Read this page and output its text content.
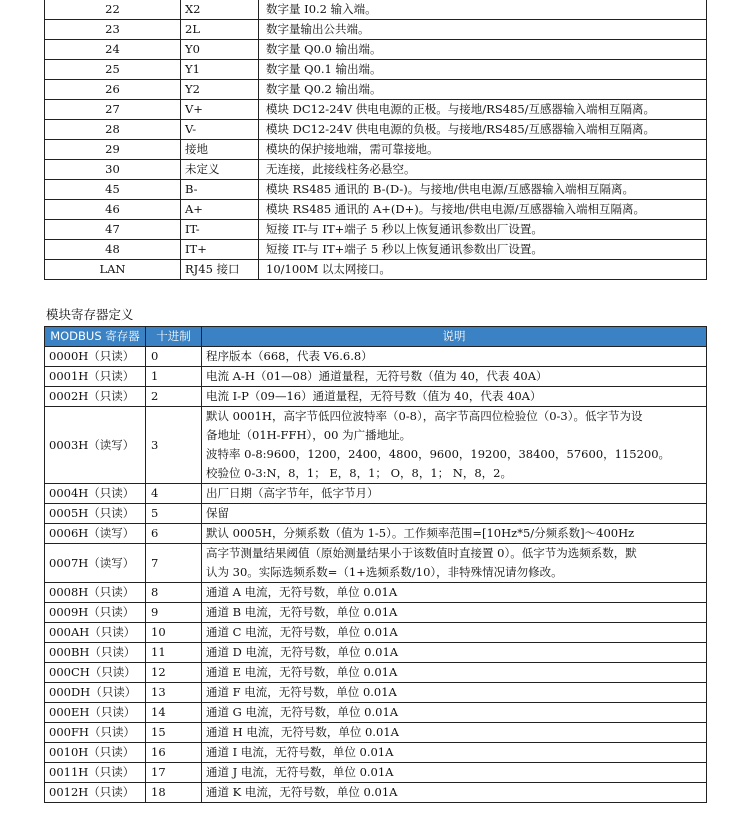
22	X2	数字量 I0.2 输入端。
23	2L	数字量输出公共端。
24	Y0	数字量 Q0.0 输出端。
25	Y1	数字量 Q0.1 输出端。
26	Y2	数字量 Q0.2 输出端。
27	V+	模块 DC12-24V 供电电源的正极。与接地/RS485/互感器输入端相互隔离。
28	V-	模块 DC12-24V 供电电源的负极。与接地/RS485/互感器输入端相互隔离。
29	接地	模块的保护接地端，需可靠接地。
30	未定义	无连接，此接线柱务必悬空。
45	B-	模块 RS485 通讯的 B-(D-)。与接地/供电电源/互感器输入端相互隔离。
46	A+	模块 RS485 通讯的 A+(D+)。与接地/供电电源/互感器输入端相互隔离。
47	IT-	短接 IT-与 IT+端子 5 秒以上恢复通讯参数出厂设置。
48	IT+	短接 IT-与 IT+端子 5 秒以上恢复通讯参数出厂设置。
LAN	RJ45 接口	10/100M 以太网接口。
模块寄存器定义
MODBUS 寄存器	十进制	说明
0000H（只读）	0	程序版本（668，代表 V6.6.8）

0001H（只读）	1	电流 A-H（01—08）通道量程，无符号数（值为 40，代表 40A）

0002H（只读）	2	电流 I-P（09—16）通道量程，无符号数（值为 40，代表 40A）

0003H（读写）	3	默认 0001H，高字节低四位波特率（0-8），高字节高四位检验位（0-3）。低字节为设
备地址（01H-FFH），00 为广播地址。
波特率 0-8:9600，1200，2400，4800，9600，19200，38400，57600，115200。
校验位 0-3:N，8，1； E，8，1； O，8，1； N，8，2。

0004H（只读）	4	出厂日期（高字节年，低字节月）

0005H（只读）	5	保留

0006H（读写）	6	默认 0005H，分频系数（值为 1-5）。工作频率范围=[10Hz*5/分频系数]～400Hz

0007H（读写）	7	高字节测量结果阈值（原始测量结果小于该数值时直接置 0）。低字节为选频系数，默
认为 30。实际选频系数=（1+选频系数/10），非特殊情况请勿修改。

0008H（只读）	8	通道 A 电流，无符号数，单位 0.01A

0009H（只读）	9	通道 B 电流，无符号数，单位 0.01A

000AH（只读）	10	通道 C 电流，无符号数，单位 0.01A

000BH（只读）	11	通道 D 电流，无符号数，单位 0.01A

000CH（只读）	12	通道 E 电流，无符号数，单位 0.01A

000DH（只读）	13	通道 F 电流，无符号数，单位 0.01A

000EH（只读）	14	通道 G 电流，无符号数，单位 0.01A

000FH（只读）	15	通道 H 电流，无符号数，单位 0.01A

0010H（只读）	16	通道 I 电流，无符号数，单位 0.01A

0011H（只读）	17	通道 J 电流，无符号数，单位 0.01A

0012H（只读）	18	通道 K 电流，无符号数，单位 0.01A
